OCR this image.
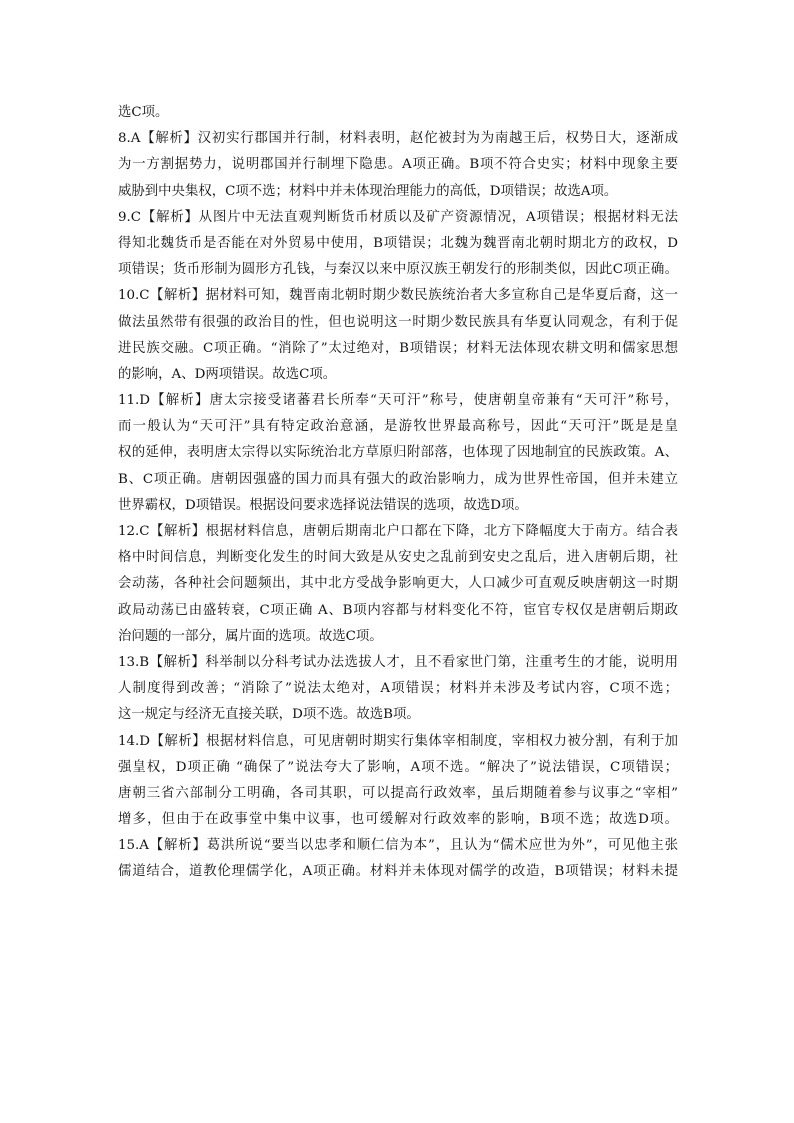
选C项。
8.A【解析】汉初实行郡国并行制，材料表明，赵佗被封为为南越王后，权势日大，逐渐成
为一方割据势力，说明郡国并行制埋下隐患。A项正确。B项不符合史实；材料中现象主要
威胁到中央集权，C项不选；材料中并未体现治理能力的高低，D项错误；故选A项。
9.C【解析】从图片中无法直观判断货币材质以及矿产资源情况，A项错误；根据材料无法
得知北魏货币是否能在对外贸易中使用，B项错误；北魏为魏晋南北朝时期北方的政权，D
项错误；货币形制为圆形方孔钱，与秦汉以来中原汉族王朝发行的形制类似，因此C项正确。
10.C【解析】据材料可知，魏晋南北朝时期少数民族统治者大多宣称自己是华夏后裔，这一
做法虽然带有很强的政治目的性，但也说明这一时期少数民族具有华夏认同观念，有利于促
进民族交融。C项正确。“消除了”太过绝对，B项错误；材料无法体现农耕文明和儒家思想
的影响，A、D两项错误。故选C项。
11.D【解析】唐太宗接受诸蕃君长所奉“天可汗”称号，使唐朝皇帝兼有“天可汗”称号，
而一般认为“天可汗”具有特定政治意涵，是游牧世界最高称号，因此“天可汗”既是是皇
权的延伸，表明唐太宗得以实际统治北方草原归附部落，也体现了因地制宜的民族政策。A、
B、C项正确。唐朝因强盛的国力而具有强大的政治影响力，成为世界性帝国，但并未建立
世界霸权，D项错误。根据设问要求选择说法错误的选项，故选D项。
12.C【解析】根据材料信息，唐朝后期南北户口都在下降，北方下降幅度大于南方。结合表
格中时间信息，判断变化发生的时间大致是从安史之乱前到安史之乱后，进入唐朝后期，社
会动荡，各种社会问题频出，其中北方受战争影响更大，人口减少可直观反映唐朝这一时期
政局动荡已由盛转衰，C项正确 A、B项内容都与材料变化不符，宦官专权仅是唐朝后期政
治问题的一部分，属片面的选项。故选C项。
13.B【解析】科举制以分科考试办法选拔人才，且不看家世门第，注重考生的才能，说明用
人制度得到改善；“消除了”说法太绝对，A项错误；材料并未涉及考试内容，C项不选；
这一规定与经济无直接关联，D项不选。故选B项。
14.D【解析】根据材料信息，可见唐朝时期实行集体宰相制度，宰相权力被分割，有利于加
强皇权，D项正确 “确保了”说法夸大了影响，A项不选。“解决了”说法错误，C项错误；
唐朝三省六部制分工明确，各司其职，可以提高行政效率，虽后期随着参与议事之“宰相”
增多，但由于在政事堂中集中议事，也可缓解对行政效率的影响，B项不选；故选D项。
15.A【解析】葛洪所说“要当以忠孝和顺仁信为本”，且认为“儒术应世为外”，可见他主张
儒道结合，道教伦理儒学化，A项正确。材料并未体现对儒学的改造，B项错误；材料未提
